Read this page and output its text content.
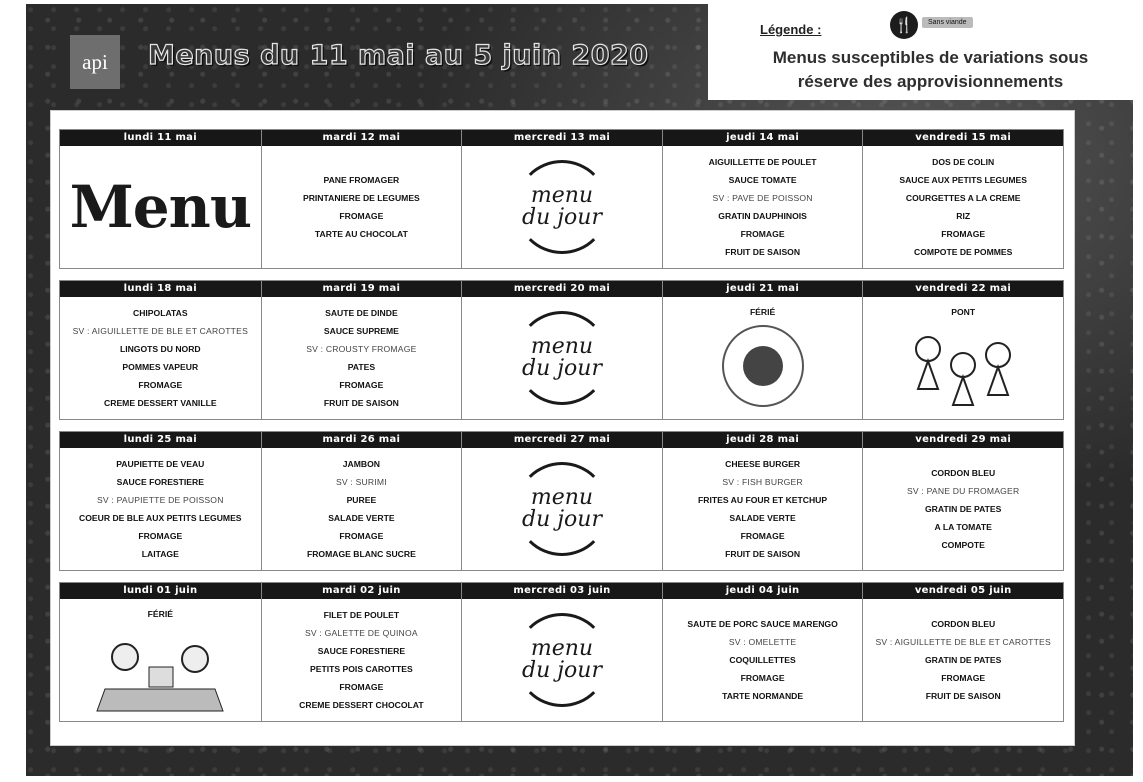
api	Menus du 11 mai au 5 juin 2020
Légende :	🍴	Sans viande
Menus susceptibles de variations sous
réserve des approvisionnements
lundi 11 mai
Menu
mardi 12 mai
PANE FROMAGER
PRINTANIERE DE LEGUMES
FROMAGE
TARTE AU CHOCOLAT
mercredi 13 mai
menu
du jour
jeudi 14 mai
AIGUILLETTE DE POULET
SAUCE TOMATE
SV : PAVE DE POISSON
GRATIN DAUPHINOIS
FROMAGE
FRUIT DE SAISON
vendredi 15 mai
DOS DE COLIN
SAUCE AUX PETITS LEGUMES
COURGETTES A LA CREME
RIZ
FROMAGE
COMPOTE DE POMMES
lundi 18 mai
CHIPOLATAS
SV : AIGUILLETTE DE BLE ET CAROTTES
LINGOTS DU NORD
POMMES VAPEUR
FROMAGE
CREME DESSERT VANILLE
mardi 19 mai
SAUTE DE DINDE
SAUCE SUPREME
SV : CROUSTY FROMAGE
PATES
FROMAGE
FRUIT DE SAISON
mercredi 20 mai
menu
du jour
jeudi 21 mai
FÉRIÉ
vendredi 22 mai
PONT
lundi 25 mai
PAUPIETTE DE VEAU
SAUCE FORESTIERE
SV : PAUPIETTE DE POISSON
COEUR DE BLE AUX PETITS LEGUMES
FROMAGE
LAITAGE
mardi 26 mai
JAMBON
SV : SURIMI
PUREE
SALADE VERTE
FROMAGE
FROMAGE BLANC SUCRE
mercredi 27 mai
menu
du jour
jeudi 28 mai
CHEESE BURGER
SV : FISH BURGER
FRITES AU FOUR ET KETCHUP
SALADE VERTE
FROMAGE
FRUIT DE SAISON
vendredi 29 mai
CORDON BLEU
SV : PANE DU FROMAGER
GRATIN DE PATES
A LA TOMATE
COMPOTE
lundi 01 juin
FÉRIÉ
mardi 02 juin
FILET DE POULET
SV : GALETTE DE QUINOA
SAUCE FORESTIERE
PETITS POIS CAROTTES
FROMAGE
CREME DESSERT CHOCOLAT
mercredi 03 juin
menu
du jour
jeudi 04 juin
SAUTE DE PORC SAUCE MARENGO
SV : OMELETTE
COQUILLETTES
FROMAGE
TARTE NORMANDE
vendredi 05 juin
CORDON BLEU
SV : AIGUILLETTE DE BLE ET CAROTTES
GRATIN DE PATES
FROMAGE
FRUIT DE SAISON
